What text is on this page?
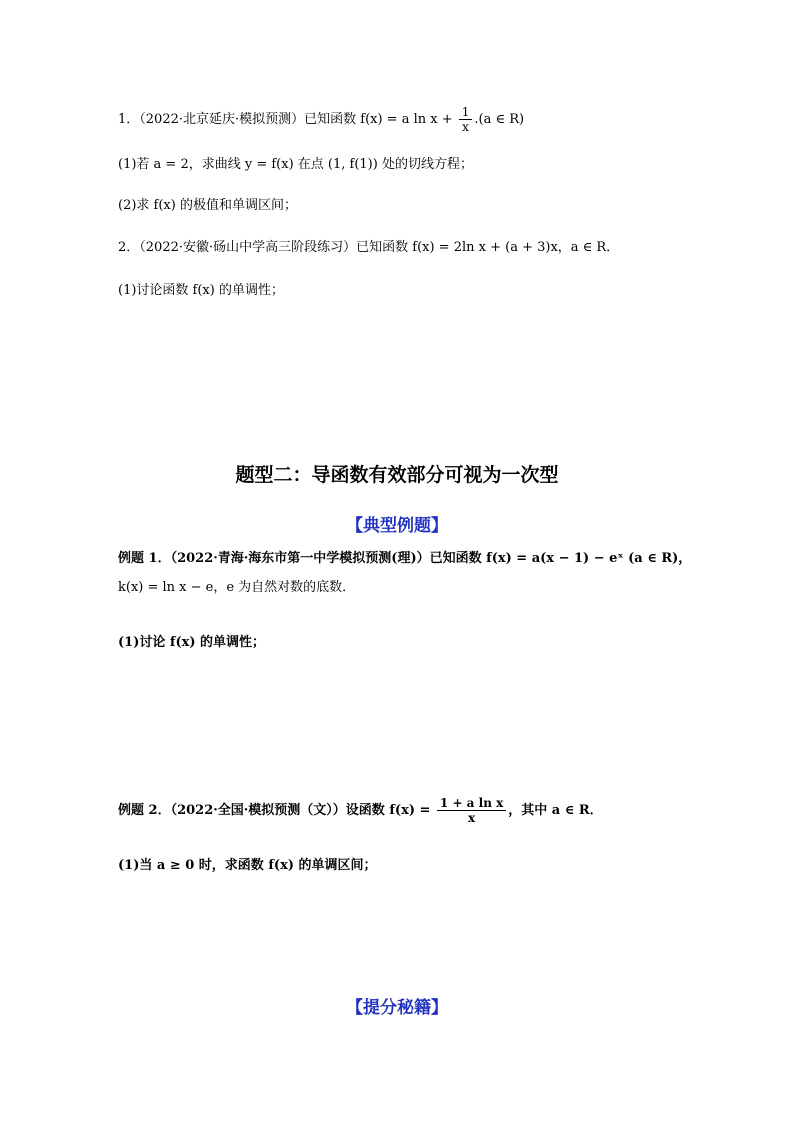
1．（2022·北京延庆·模拟预测）已知函数 f(x) = a $\ln x + \frac{1}{x} .(a$ ∈ R)
(1)若 a = 2，求曲线 y = f(x) 在点 (1, f(1)) 处的切线方程；
(2)求 f(x) 的极值和单调区间；
2．（2022·安徽·砀山中学高三阶段练习）已知函数 f(x) = 2ln x + (a + 3)x，a ∈ R．
(1)讨论函数 f(x) 的单调性；
题型二：导函数有效部分可视为一次型
【典型例题】
例题 1．（2022·青海·海东市第一中学模拟预测(理)）已知函数 f(x) = a(x − 1) − eˣ (a ∈ R)，
k(x) = ln x − e，e 为自然对数的底数．
(1)讨论 f(x) 的单调性；
例题 2．（2022·全国·模拟预测（文））设函数 $f(x) = \frac{\text{1 + a ln x}}{x}$ ，其中 a ∈ R．
(1)当 a ≥ 0 时，求函数 f(x) 的单调区间；
【提分秘籍】
